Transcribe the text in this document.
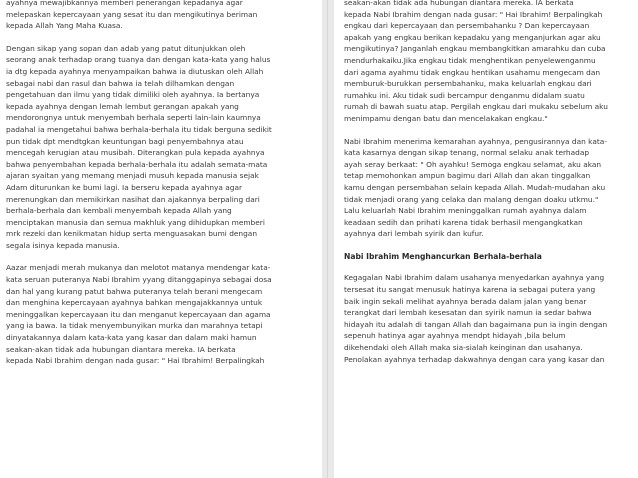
ayahnya mewajibkannya memberi penerangan kepadanya agar
melepaskan kepercayaan yang sesat itu dan mengikutinya beriman
kepada Allah Yang Maha Kuasa.

Dengan sikap yang sopan dan adab yang patut ditunjukkan oleh
seorang anak terhadap orang tuanya dan dengan kata-kata yang halus
ia dtg kepada ayahnya menyampaikan bahwa ia diutuskan oleh Allah
sebagai nabi dan rasul dan bahwa ia telah dilhamkan dengan
pengetahuan dan ilmu yang tidak dimiliki oleh ayahnya. Ia bertanya
kepada ayahnya dengan lemah lembut gerangan apakah yang
mendorongnya untuk menyembah berhala seperti lain-lain kaumnya
padahal ia mengetahui bahwa berhala-berhala itu tidak berguna sedikit
pun tidak dpt mendtgkan keuntungan bagi penyembahnya atau
mencegah kerugian atau musibah. Diterangkan pula kepada ayahnya
bahwa penyembahan kepada berhala-berhala itu adalah semata-mata
ajaran syaitan yang memang menjadi musuh kepada manusia sejak
Adam diturunkan ke bumi lagi. Ia berseru kepada ayahnya agar
merenungkan dan memikirkan nasihat dan ajakannya berpaling dari
berhala-berhala dan kembali menyembah kepada Allah yang
menciptakan manusia dan semua makhluk yang dihidupkan memberi
mrk rezeki dan kenikmatan hidup serta menguasakan bumi dengan
segala isinya kepada manusia.

Aazar menjadi merah mukanya dan melotot matanya mendengar kata-
kata seruan puteranya Nabi Ibrahim yyang ditanggapinya sebagai dosa
dan hal yang kurang patut bahwa puteranya telah berani mengecam
dan menghina kepercayaan ayahnya bahkan mengajakkannya untuk
meninggalkan kepercayaan itu dan menganut kepercayaan dan agama
yang ia bawa. Ia tidak menyembunyikan murka dan marahnya tetapi
dinyatakannya dalam kata-kata yang kasar dan dalam maki hamun
seakan-akan tidak ada hubungan diantara mereka. IA berkata
kepada Nabi Ibrahim dengan nada gusar: " Hai Ibrahim! Berpalingkah

seakan-akan tidak ada hubungan diantara mereka. IA berkata
kepada Nabi Ibrahim dengan nada gusar: " Hai Ibrahim! Berpalingkah
engkau dari kepercayaan dan persembahanku ? Dan kepercayaan
apakah yang engkau berikan kepadaku yang menganjurkan agar aku
mengikutinya? Janganlah engkau membangkitkan amarahku dan cuba
mendurhakaiku.Jika engkau tidak menghentikan penyelewenganmu
dari agama ayahmu tidak engkau hentikan usahamu mengecam dan
memburuk-burukkan persembahanku, maka keluarlah engkau dari
rumahku ini. Aku tidak sudi bercampur denganmu didalam suatu
rumah di bawah suatu atap. Pergilah engkau dari mukaku sebelum aku
menimpamu dengan batu dan mencelakakan engkau."

Nabi Ibrahim menerima kemarahan ayahnya, pengusirannya dan kata-
kata kasarnya dengan sikap tenang, normal selaku anak terhadap
ayah seray berkaat: " Oh ayahku! Semoga engkau selamat, aku akan
tetap memohonkan ampun bagimu dari Allah dan akan tinggalkan
kamu dengan persembahan selain kepada Allah. Mudah-mudahan aku
tidak menjadi orang yang celaka dan malang dengan doaku utkmu."
Lalu keluarlah Nabi Ibrahim meninggalkan rumah ayahnya dalam
keadaan sedih dan prihati karena tidak berhasil mengangkatkan
ayahnya dari lembah syirik dan kufur.

Nabi Ibrahim Menghancurkan Berhala-berhala

Kegagalan Nabi Ibrahim dalam usahanya menyedarkan ayahnya yang
tersesat itu sangat menusuk hatinya karena ia sebagai putera yang
baik ingin sekali melihat ayahnya berada dalam jalan yang benar
terangkat dari lembah kesesatan dan syirik namun ia sedar bahwa
hidayah itu adalah di tangan Allah dan bagaimana pun ia ingin dengan
sepenuh hatinya agar ayahnya mendpt hidayah ,bila belum
dikehendaki oleh Allah maka sia-sialah keinginan dan usahanya.
Penolakan ayahnya terhadap dakwahnya dengan cara yang kasar dan
